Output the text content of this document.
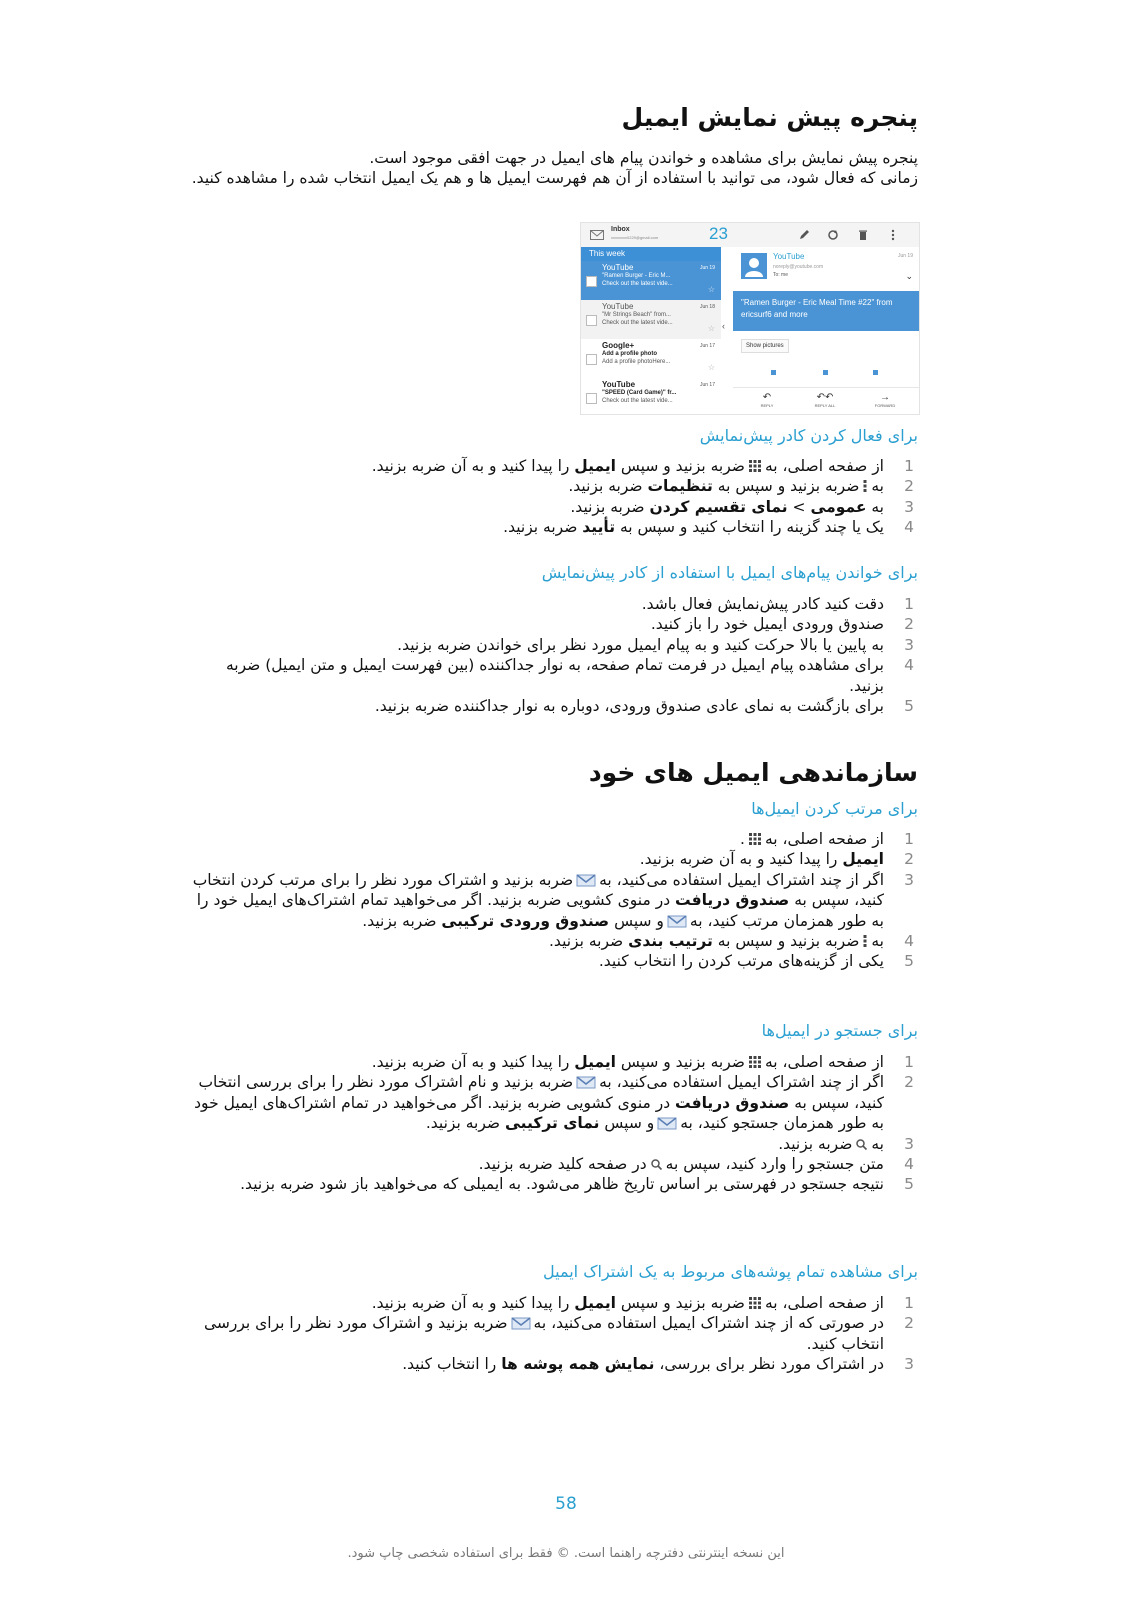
پنجره پیش نمایش ایمیل

پنجره پیش نمایش برای مشاهده و خواندن پیام های ایمیل در جهت افقی موجود است.
زمانی که فعال شود، می توانید با استفاده از آن هم فهرست ایمیل ها و هم یک ایمیل انتخاب شده را مشاهده کنید.

Inbox
xxxxxxxx0229@gmail.com	23
This week
YouTube	Jun 19
"Ramen Burger - Eric M...
Check out the latest vide...
☆
YouTube	Jun 18
"Mr Strings Beach" from...
Check out the latest vide...
☆
Google+	Jun 17
Add a profile photo
Add a profile photoHere...
☆
YouTube	Jun 17
"SPEED (Card Game)" fr...
Check out the latest vide...
‹
YouTube
noreply@youtube.com
To: me
Jun 19
⌄
"Ramen Burger - Eric Meal Time #22" from ericsurf6 and more
Show pictures
↶
REPLY
↶↶
REPLY ALL
→
FORWARD
برای فعال کردن کادر پیش‌نمایش
1
از صفحه اصلی، بهضربه بزنید و سپس ایمیل را پیدا کنید و به آن ضربه بزنید.
2
بهضربه بزنید و سپس به تنظیمات ضربه بزنید.
3
به عمومی > نمای تقسیم کردن ضربه بزنید.
4
یک یا چند گزینه را انتخاب کنید و سپس به تأیید ضربه بزنید.
برای خواندن پیام‌های ایمیل با استفاده از کادر پیش‌نمایش
1
دقت کنید کادر پیش‌نمایش فعال باشد.
2
صندوق ورودی ایمیل خود را باز کنید.
3
به پایین یا بالا حرکت کنید و به پیام ایمیل مورد نظر برای خواندن ضربه بزنید.
4
برای مشاهده پیام ایمیل در فرمت تمام صفحه، به نوار جداکننده (بین فهرست ایمیل و متن ایمیل) ضربه بزنید.
5
برای بازگشت به نمای عادی صندوق ورودی، دوباره به نوار جداکننده ضربه بزنید.
سازماندهی ایمیل های خود
برای مرتب کردن ایمیل‌ها
1
از صفحه اصلی، به.
2
ایمیل را پیدا کنید و به آن ضربه بزنید.
3
اگر از چند اشتراک ایمیل استفاده می‌کنید، بهضربه بزنید و اشتراک مورد نظر را برای مرتب کردن انتخاب کنید، سپس به صندوق دریافت در منوی کشویی ضربه بزنید. اگر می‌خواهید تمام اشتراک‌های ایمیل خود را به طور همزمان مرتب کنید، بهو سپس صندوق ورودی ترکیبی ضربه بزنید.
4
بهضربه بزنید و سپس به ترتیب بندی ضربه بزنید.
5
یکی از گزینه‌های مرتب کردن را انتخاب کنید.
برای جستجو در ایمیل‌ها
1
از صفحه اصلی، بهضربه بزنید و سپس ایمیل را پیدا کنید و به آن ضربه بزنید.
2
اگر از چند اشتراک ایمیل استفاده می‌کنید، بهضربه بزنید و نام اشتراک مورد نظر را برای بررسی انتخاب کنید، سپس به صندوق دریافت در منوی کشویی ضربه بزنید. اگر می‌خواهید در تمام اشتراک‌های ایمیل خود به طور همزمان جستجو کنید، بهو سپس نمای ترکیبی ضربه بزنید.
3
بهضربه بزنید.
4
متن جستجو را وارد کنید، سپس بهدر صفحه کلید ضربه بزنید.
5
نتیجه جستجو در فهرستی بر اساس تاریخ ظاهر می‌شود. به ایمیلی که می‌خواهید باز شود ضربه بزنید.
برای مشاهده تمام پوشه‌های مربوط به یک اشتراک ایمیل
1
از صفحه اصلی، بهضربه بزنید و سپس ایمیل را پیدا کنید و به آن ضربه بزنید.
2
در صورتی که از چند اشتراک ایمیل استفاده می‌کنید، بهضربه بزنید و اشتراک مورد نظر را برای بررسی انتخاب کنید.
3
در اشتراک مورد نظر برای بررسی، نمایش همه پوشه ها را انتخاب کنید.
58
این نسخه اینترنتی دفترچه راهنما است. © فقط برای استفاده شخصی چاپ شود.
